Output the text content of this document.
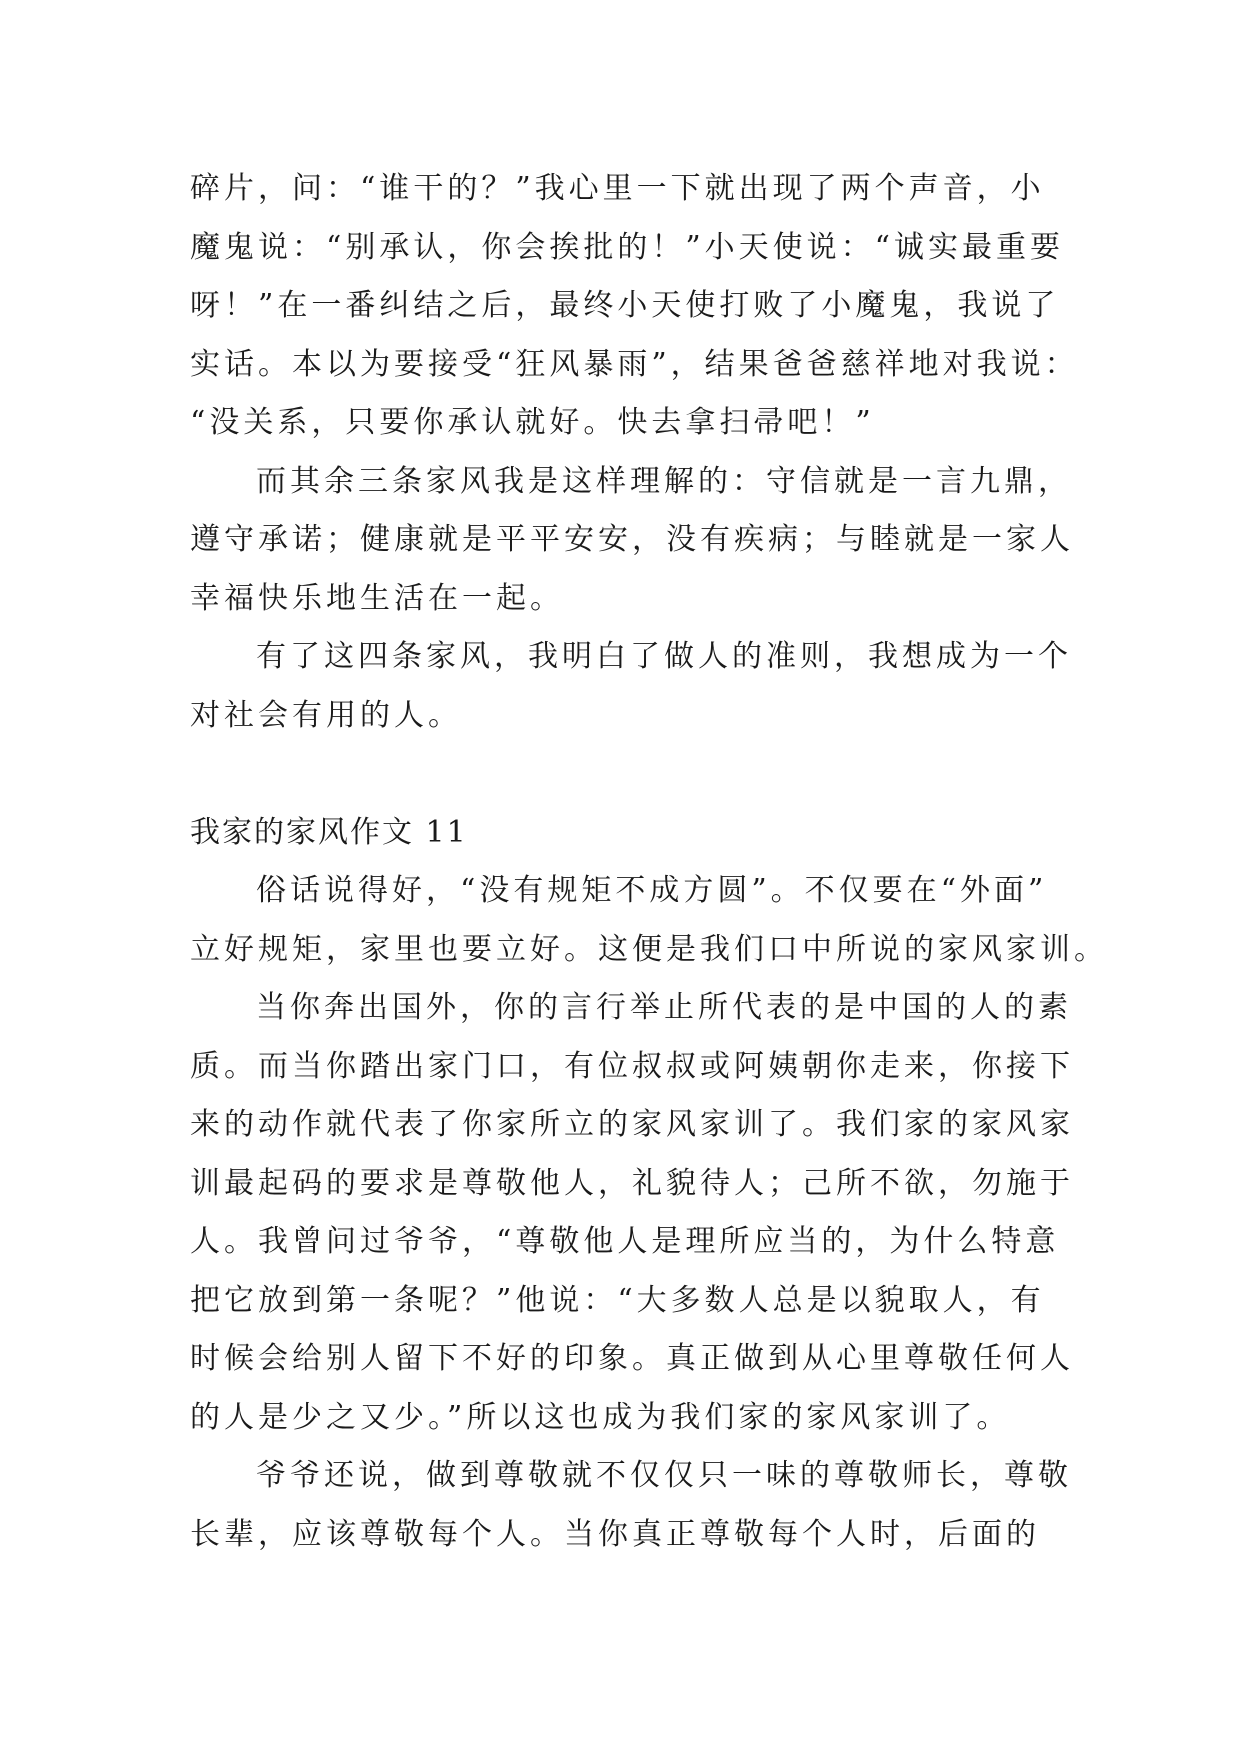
碎片，问：“谁干的？”我心里一下就出现了两个声音，小
魔鬼说：“别承认，你会挨批的！”小天使说：“诚实最重要
呀！”在一番纠结之后，最终小天使打败了小魔鬼，我说了
实话。本以为要接受“狂风暴雨”，结果爸爸慈祥地对我说：
“没关系，只要你承认就好。快去拿扫帚吧！”
而其余三条家风我是这样理解的：守信就是一言九鼎，
遵守承诺；健康就是平平安安，没有疾病；与睦就是一家人
幸福快乐地生活在一起。
有了这四条家风，我明白了做人的准则，我想成为一个
对社会有用的人。
我家的家风作文 11
俗话说得好，“没有规矩不成方圆”。不仅要在“外面”
立好规矩，家里也要立好。这便是我们口中所说的家风家训。
当你奔出国外，你的言行举止所代表的是中国的人的素
质。而当你踏出家门口，有位叔叔或阿姨朝你走来，你接下
来的动作就代表了你家所立的家风家训了。我们家的家风家
训最起码的要求是尊敬他人，礼貌待人；己所不欲，勿施于
人。我曾问过爷爷，“尊敬他人是理所应当的，为什么特意
把它放到第一条呢？”他说：“大多数人总是以貌取人，有
时候会给别人留下不好的印象。真正做到从心里尊敬任何人
的人是少之又少。”所以这也成为我们家的家风家训了。
爷爷还说，做到尊敬就不仅仅只一味的尊敬师长，尊敬
长辈，应该尊敬每个人。当你真正尊敬每个人时，后面的
